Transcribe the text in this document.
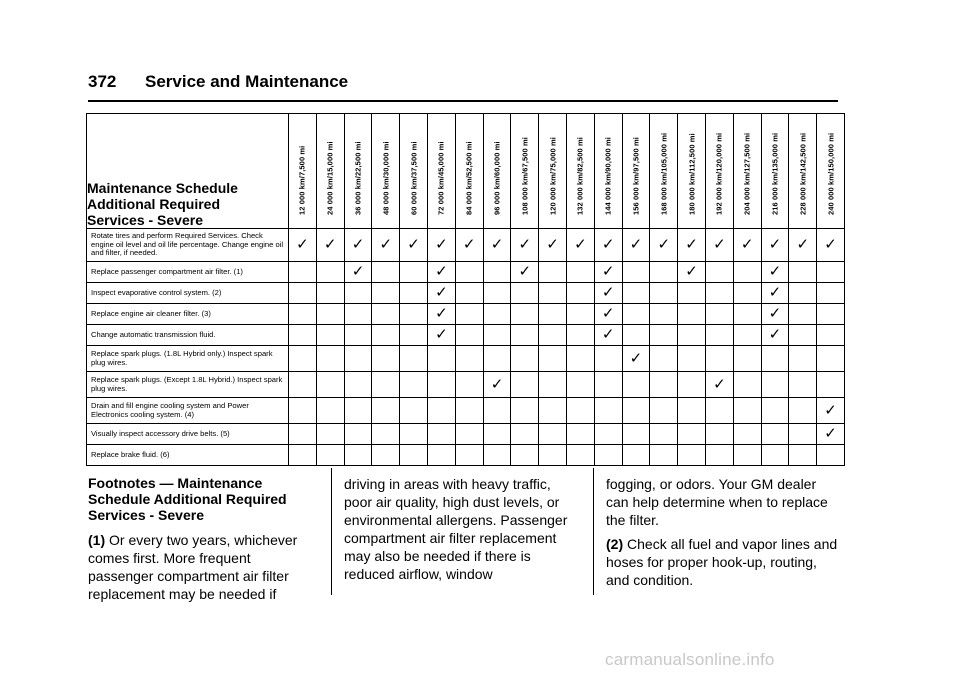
372 Service and Maintenance
Maintenance Schedule
Additional Required
Services - Severe	12 000 km/7,500 mi	24 000 km/15,000 mi	36 000 km/22,500 mi	48 000 km/30,000 mi	60 000 km/37,500 mi	72 000 km/45,000 mi	84 000 km/52,500 mi	96 000 km/60,000 mi	108 000 km/67,500 mi	120 000 km/75,000 mi	132 000 km/82,500 mi	144 000 km/90,000 mi	156 000 km/97,500 mi	168 000 km/105,000 mi	180 000 km/112,500 mi	192 000 km/120,000 mi	204 000 km/127,500 mi	216 000 km/135,000 mi	228 000 km/142,500 mi	240 000 km/150,000 mi

Rotate tires and perform Required Services. Check engine oil level and oil life percentage. Change engine oil and filter, if needed.	✓	✓	✓	✓	✓	✓	✓	✓	✓	✓	✓	✓	✓	✓	✓	✓	✓	✓	✓	✓
Replace passenger compartment air filter. (1)			✓			✓			✓			✓			✓			✓		
Inspect evaporative control system. (2)						✓						✓						✓		
Replace engine air cleaner filter. (3)						✓						✓						✓		
Change automatic transmission fluid.						✓						✓						✓		
Replace spark plugs. (1.8L Hybrid only.) Inspect spark plug wires.													✓							
Replace spark plugs. (Except 1.8L Hybrid.) Inspect spark plug wires.								✓								✓				
Drain and fill engine cooling system and Power Electronics cooling system. (4)																				✓
Visually inspect accessory drive belts. (5)																				✓
Replace brake fluid. (6)																				
Footnotes — Maintenance Schedule Additional Required Services - Severe

(1) Or every two years, whichever comes first. More frequent passenger compartment air filter replacement may be needed if

driving in areas with heavy traffic, poor air quality, high dust levels, or environmental allergens. Passenger compartment air filter replacement may also be needed if there is reduced airflow, window

fogging, or odors. Your GM dealer can help determine when to replace the filter.

(2) Check all fuel and vapor lines and hoses for proper hook-up, routing, and condition.

carmanualsonline.info
